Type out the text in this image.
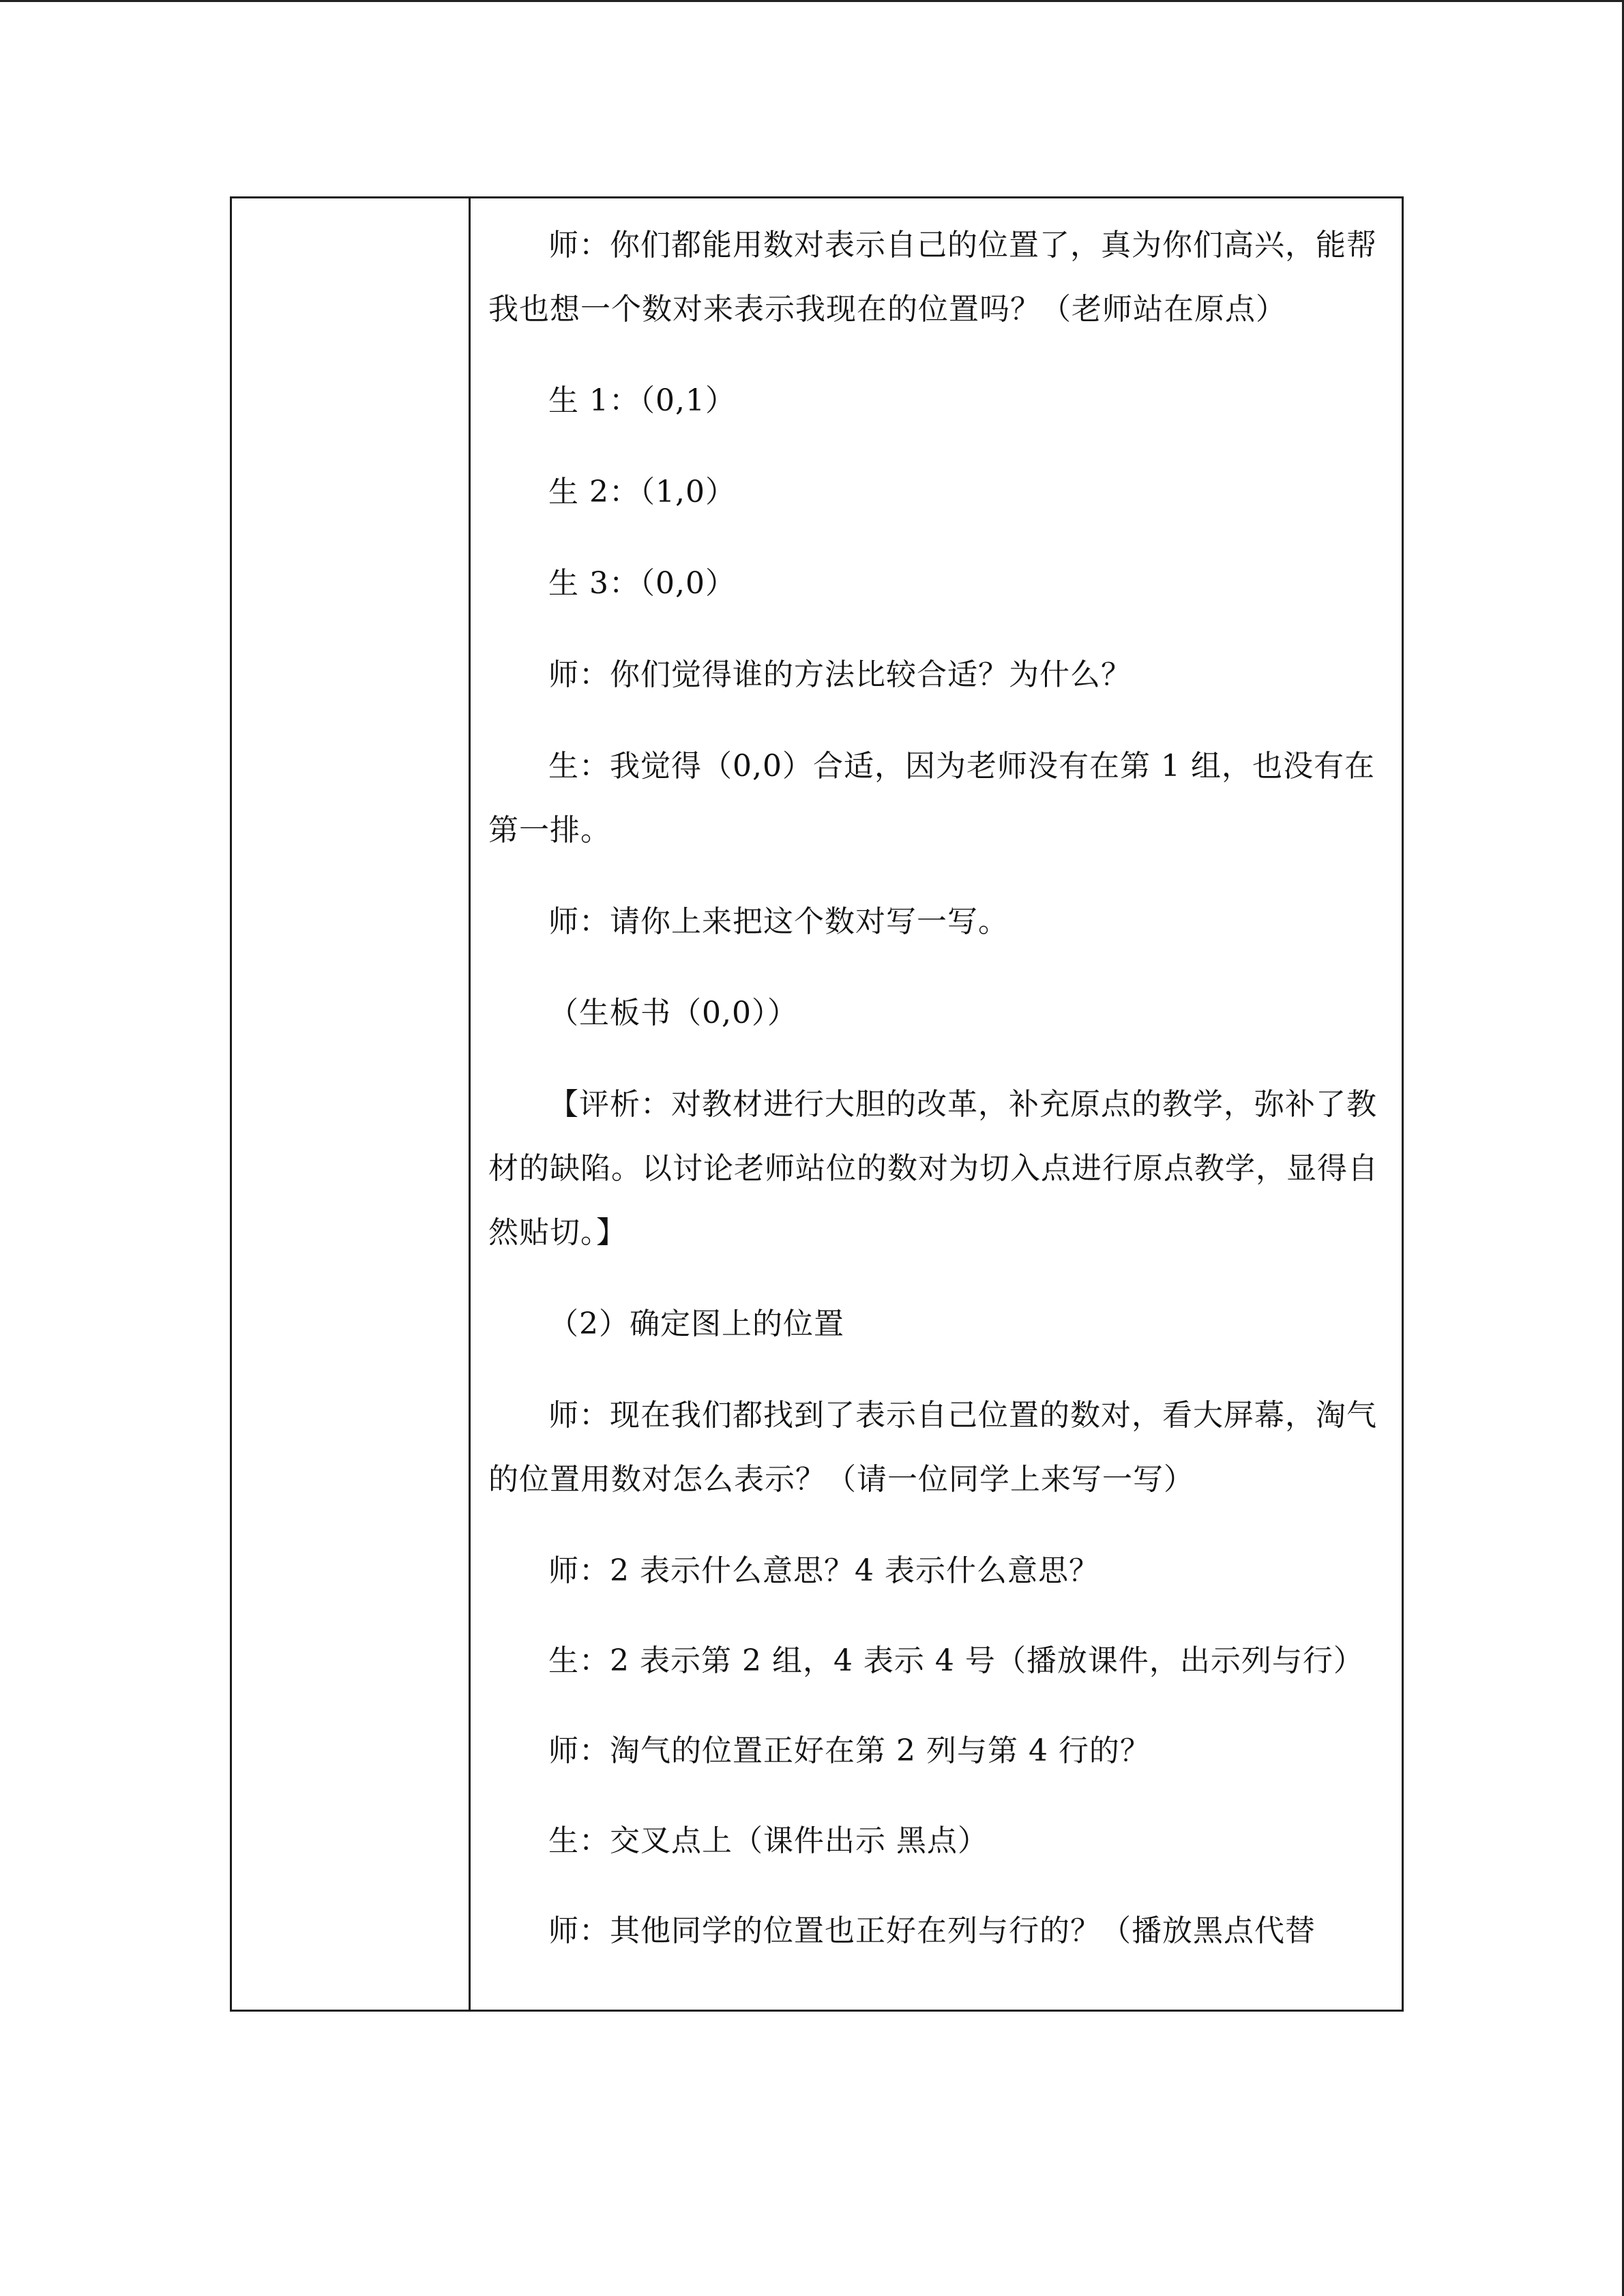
师：你们都能用数对表示自己的位置了，真为你们高兴，能帮我也想一个数对来表示我现在的位置吗？（老师站在原点）

生 1：（0,1）

生 2：（1,0）

生 3：（0,0）

师：你们觉得谁的方法比较合适？为什么？

生：我觉得（0,0）合适，因为老师没有在第 1 组，也没有在第一排。

师：请你上来把这个数对写一写。

（生板书（0,0））

【评析：对教材进行大胆的改革，补充原点的教学，弥补了教材的缺陷。以讨论老师站位的数对为切入点进行原点教学，显得自然贴切。】

（2）确定图上的位置

师：现在我们都找到了表示自己位置的数对，看大屏幕，淘气的位置用数对怎么表示？（请一位同学上来写一写）

师：2 表示什么意思？4 表示什么意思？

生：2 表示第 2 组，4 表示 4 号（播放课件，出示列与行）

师：淘气的位置正好在第 2 列与第 4 行的？

生：交叉点上（课件出示 黑点）

师：其他同学的位置也正好在列与行的？（播放黑点代替
